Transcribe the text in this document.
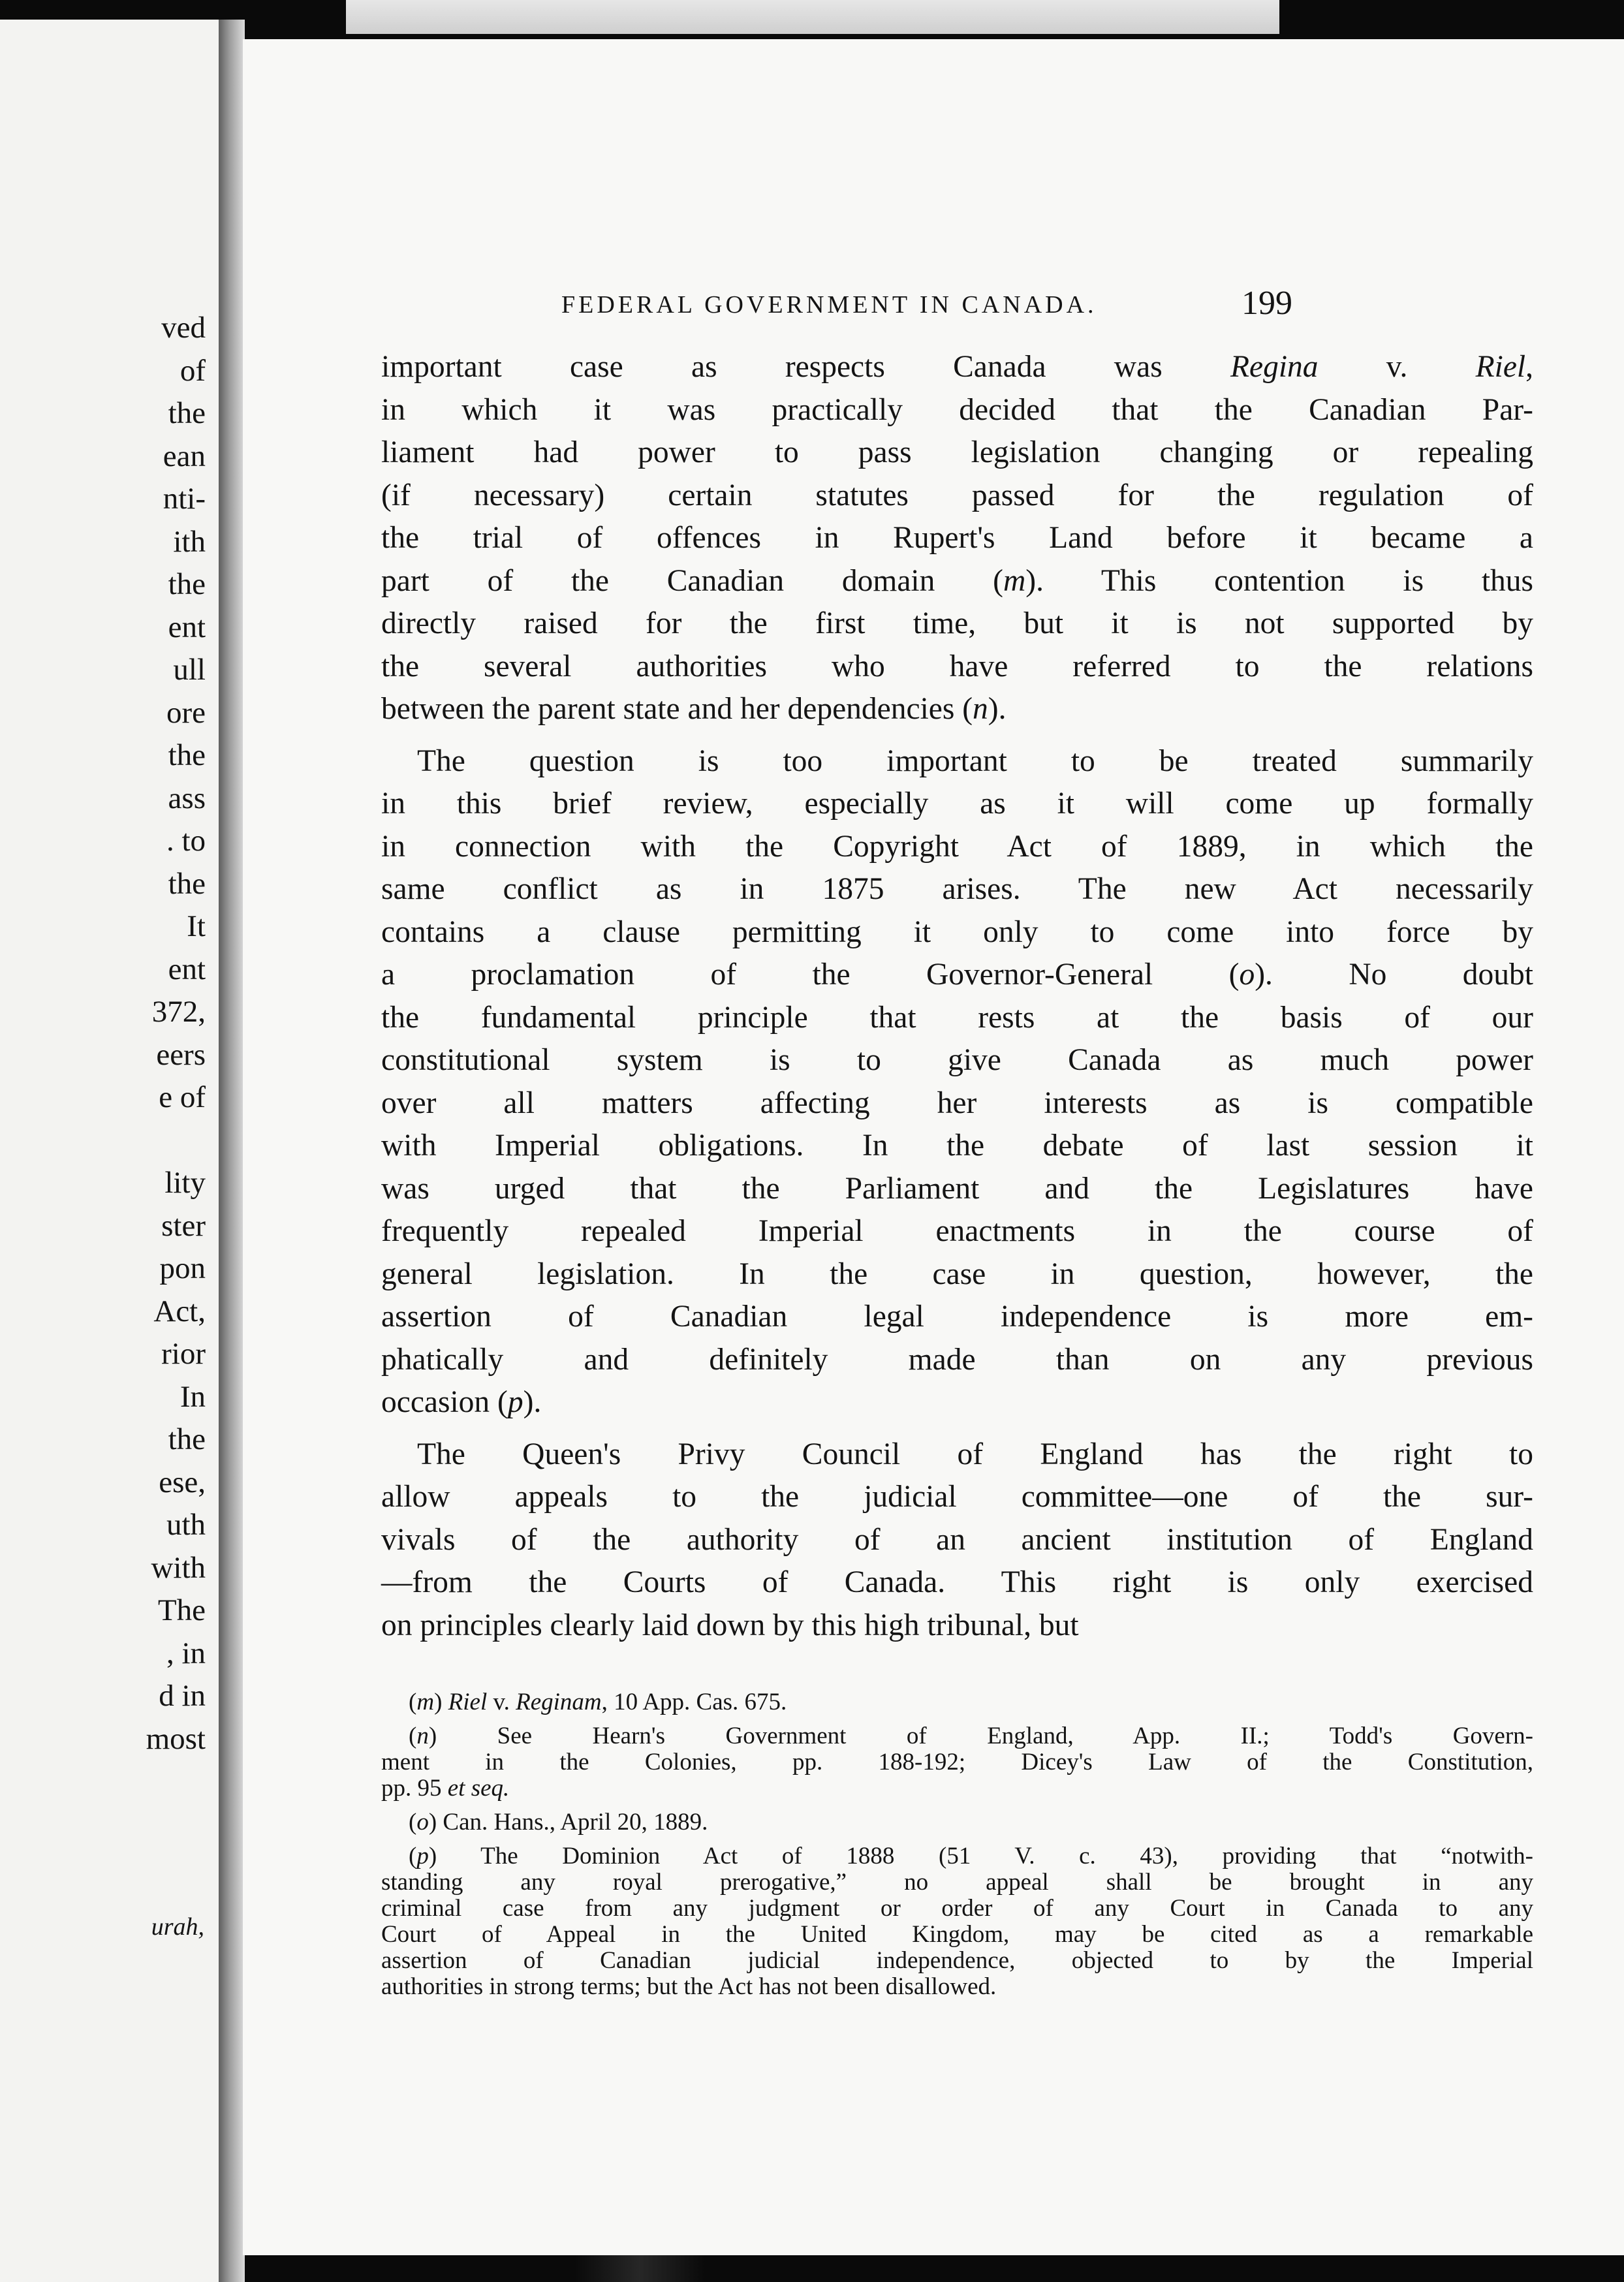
ved
of
the
ean
nti-
ith
the
ent
ull
ore
the
ass
. to
the
It
ent
372,
eers
e of
lity
ster
pon
Act,
rior
In
the
ese,
uth
with
The
, in
d in
most
urah,
FEDERAL GOVERNMENT IN CANADA.	199
important case as respects Canada was Regina v. Riel,
in which it was practically decided that the Canadian Par-
liament had power to pass legislation changing or repealing
(if necessary) certain statutes passed for the regulation of
the trial of offences in Rupert's Land before it became a
part of the Canadian domain (m). This contention is thus
directly raised for the first time, but it is not supported by
the several authorities who have referred to the relations
between the parent state and her dependencies (n).
The question is too important to be treated summarily
in this brief review, especially as it will come up formally
in connection with the Copyright Act of 1889, in which the
same conflict as in 1875 arises. The new Act necessarily
contains a clause permitting it only to come into force by
a proclamation of the Governor-General (o). No doubt
the fundamental principle that rests at the basis of our
constitutional system is to give Canada as much power
over all matters affecting her interests as is compatible
with Imperial obligations. In the debate of last session it
was urged that the Parliament and the Legislatures have
frequently repealed Imperial enactments in the course of
general legislation. In the case in question, however, the
assertion of Canadian legal independence is more em-
phatically and definitely made than on any previous
occasion (p).
The Queen's Privy Council of England has the right to
allow appeals to the judicial committee—one of the sur-
vivals of the authority of an ancient institution of England
—from the Courts of Canada. This right is only exercised
on principles clearly laid down by this high tribunal, but
(m) Riel v. Reginam, 10 App. Cas. 675.
(n) See Hearn's Government of England, App. II.; Todd's Govern-
ment in the Colonies, pp. 188-192; Dicey's Law of the Constitution,
pp. 95 et seq.
(o) Can. Hans., April 20, 1889.
(p) The Dominion Act of 1888 (51 V. c. 43), providing that “notwith-
standing any royal prerogative,” no appeal shall be brought in any
criminal case from any judgment or order of any Court in Canada to any
Court of Appeal in the United Kingdom, may be cited as a remarkable
assertion of Canadian judicial independence, objected to by the Imperial
authorities in strong terms; but the Act has not been disallowed.
